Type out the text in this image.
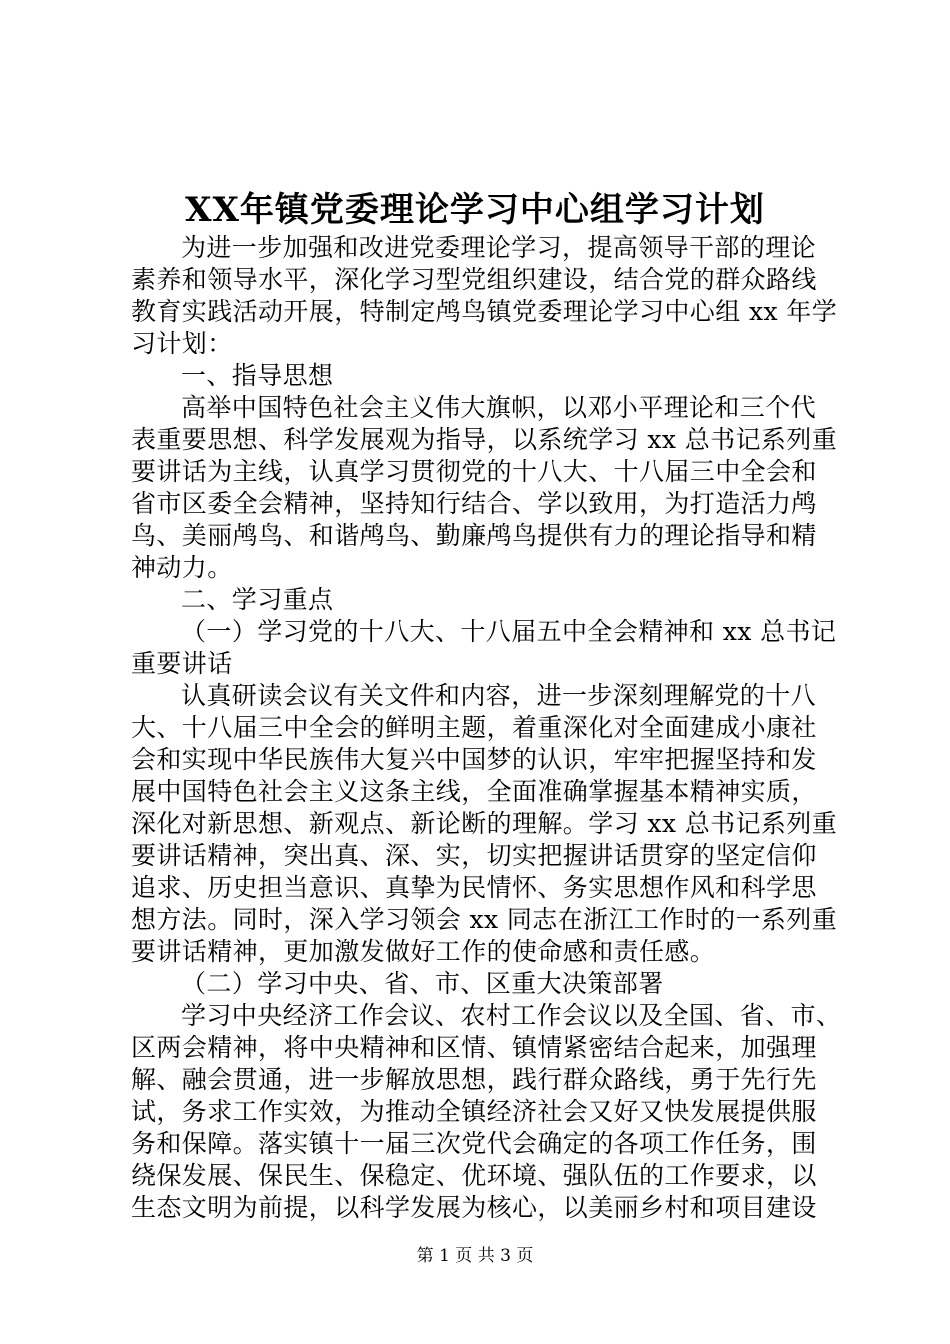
XX年镇党委理论学习中心组学习计划
为进一步加强和改进党委理论学习，提高领导干部的理论
素养和领导水平，深化学习型党组织建设，结合党的群众路线
教育实践活动开展，特制定鸬鸟镇党委理论学习中心组 xx 年学
习计划：
一、指导思想
高举中国特色社会主义伟大旗帜，以邓小平理论和三个代
表重要思想、科学发展观为指导，以系统学习 xx 总书记系列重
要讲话为主线，认真学习贯彻党的十八大、十八届三中全会和
省市区委全会精神，坚持知行结合、学以致用，为打造活力鸬
鸟、美丽鸬鸟、和谐鸬鸟、勤廉鸬鸟提供有力的理论指导和精
神动力。
二、学习重点
（一）学习党的十八大、十八届五中全会精神和 xx 总书记
重要讲话
认真研读会议有关文件和内容，进一步深刻理解党的十八
大、十八届三中全会的鲜明主题，着重深化对全面建成小康社
会和实现中华民族伟大复兴中国梦的认识，牢牢把握坚持和发
展中国特色社会主义这条主线，全面准确掌握基本精神实质，
深化对新思想、新观点、新论断的理解。学习 xx 总书记系列重
要讲话精神，突出真、深、实，切实把握讲话贯穿的坚定信仰
追求、历史担当意识、真挚为民情怀、务实思想作风和科学思
想方法。同时，深入学习领会 xx 同志在浙江工作时的一系列重
要讲话精神，更加激发做好工作的使命感和责任感。
（二）学习中央、省、市、区重大决策部署
学习中央经济工作会议、农村工作会议以及全国、省、市、
区两会精神，将中央精神和区情、镇情紧密结合起来，加强理
解、融会贯通，进一步解放思想，践行群众路线，勇于先行先
试，务求工作实效，为推动全镇经济社会又好又快发展提供服
务和保障。落实镇十一届三次党代会确定的各项工作任务，围
绕保发展、保民生、保稳定、优环境、强队伍的工作要求，以
生态文明为前提，以科学发展为核心，以美丽乡村和项目建设
第 1 页 共 3 页
